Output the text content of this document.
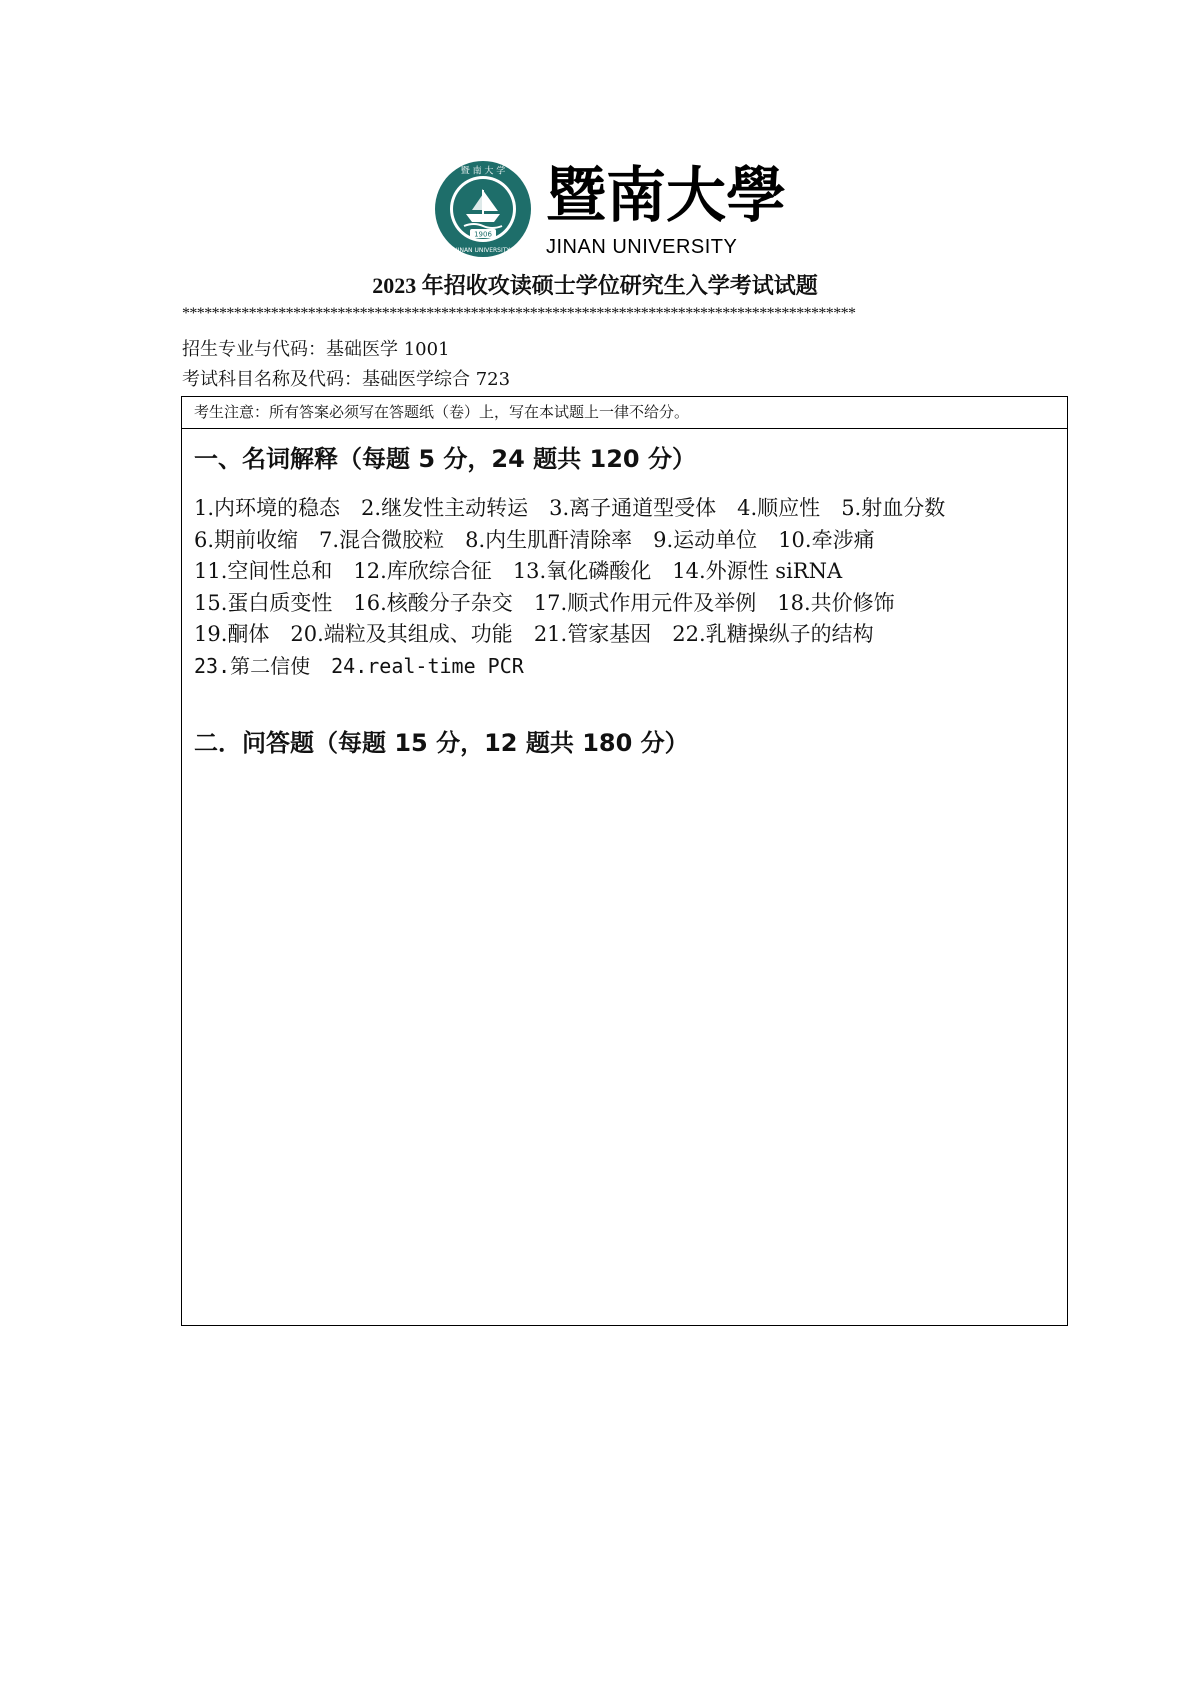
1906
暨 南 大 学
JINAN UNIVERSITY
暨南大學
JINAN UNIVERSITY
2023 年招收攻读硕士学位研究生入学考试试题
*******************************************************************************************
招生专业与代码：基础医学 1001
考试科目名称及代码：基础医学综合 723
考生注意：所有答案必须写在答题纸（卷）上，写在本试题上一律不给分。
一、名词解释（每题 5 分，24 题共 120 分）
1.内环境的稳态 2.继发性主动转运 3.离子通道型受体 4.顺应性 5.射血分数
6.期前收缩 7.混合微胶粒 8.内生肌酐清除率 9.运动单位 10.牵涉痛
11.空间性总和 12.库欣综合征 13.氧化磷酸化 14.外源性 siRNA
15.蛋白质变性 16.核酸分子杂交 17.顺式作用元件及举例 18.共价修饰
19.酮体 20.端粒及其组成、功能 21.管家基因 22.乳糖操纵子的结构
23.第二信使 24.real-time PCR
二．问答题（每题 15 分，12 题共 180 分）
